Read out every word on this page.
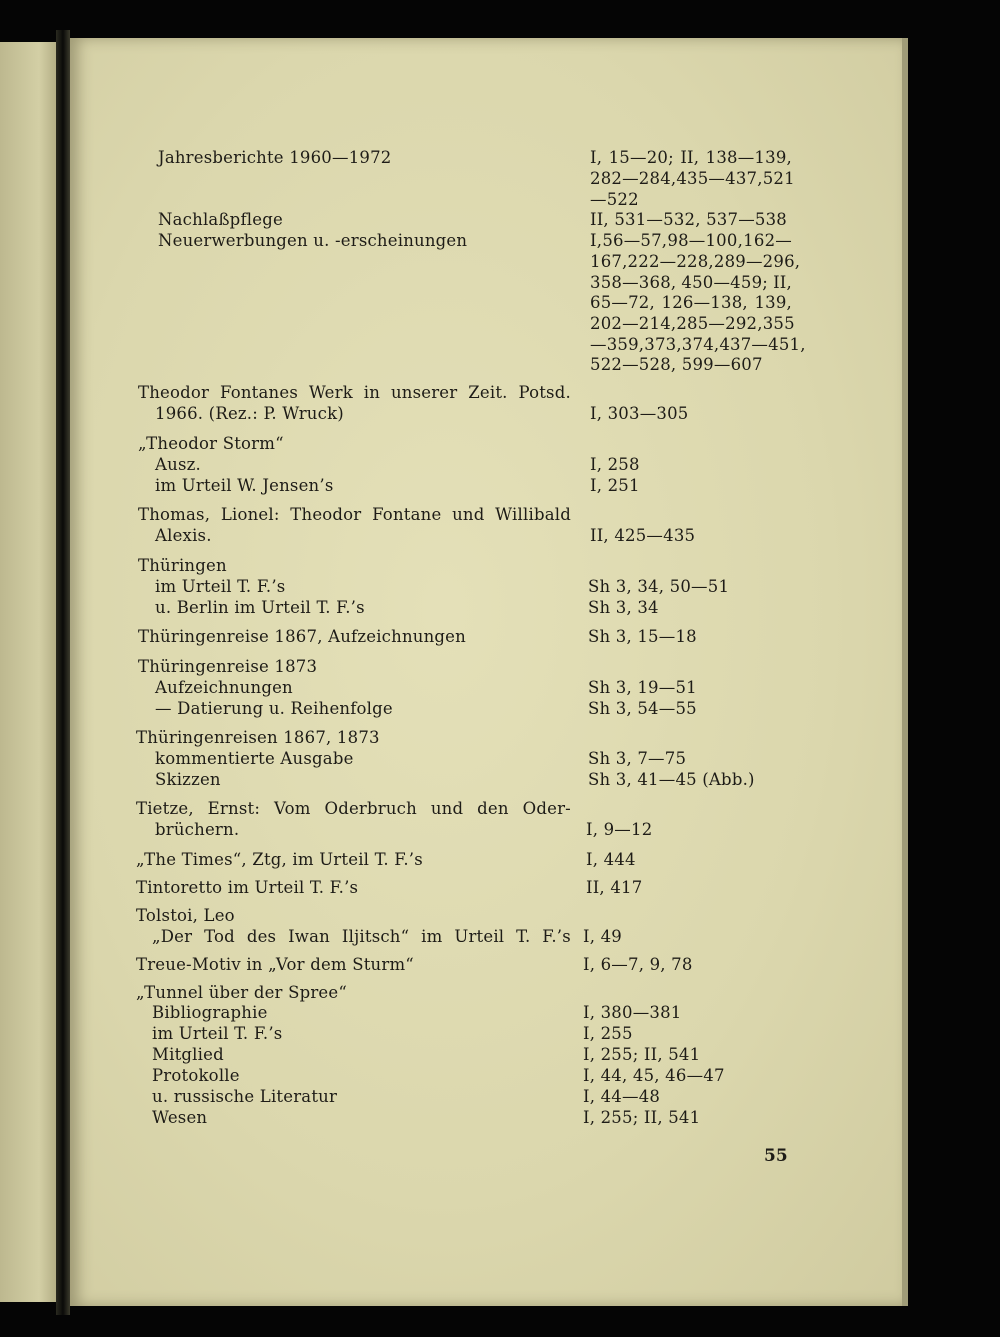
Jahresberichte 1960—1972
Nachlaßpflege
Neuerwerbungen u. -erscheinungen
Theodor Fontanes Werk in unserer Zeit. Potsd.
1966. (Rez.: P. Wruck)
„Theodor Storm“
Ausz.
im Urteil W. Jensen’s
Thomas, Lionel: Theodor Fontane und Willibald
Alexis.
Thüringen
im Urteil T. F.’s
u. Berlin im Urteil T. F.’s
Thüringenreise 1867, Aufzeichnungen
Thüringenreise 1873
Aufzeichnungen
— Datierung u. Reihenfolge
Thüringenreisen 1867, 1873
kommentierte Ausgabe
Skizzen
Tietze, Ernst: Vom Oderbruch und den Oder-
brüchern.
„The Times“, Ztg, im Urteil T. F.’s
Tintoretto im Urteil T. F.’s
Tolstoi, Leo
„Der Tod des Iwan Iljitsch“ im Urteil T. F.’s
Treue-Motiv in „Vor dem Sturm“
„Tunnel über der Spree“
Bibliographie
im Urteil T. F.’s
Mitglied
Protokolle
u. russische Literatur
Wesen
I, 15—20; II, 138—139,
282—284, 435—437, 521
—522
II, 531—532, 537—538
I, 56—57, 98—100, 162—
167, 222—228, 289—296,
358—368, 450—459; II,
65—72, 126—138, 139,
202—214, 285—292, 355
—359, 373, 374, 437—451,
522—528, 599—607
I, 303—305
I, 258
I, 251
II, 425—435
Sh 3, 34, 50—51
Sh 3, 34
Sh 3, 15—18
Sh 3, 19—51
Sh 3, 54—55
Sh 3, 7—75
Sh 3, 41—45 (Abb.)
I, 9—12
I, 444
II, 417
I, 49
I, 6—7, 9, 78
I, 380—381
I, 255
I, 255; II, 541
I, 44, 45, 46—47
I, 44—48
I, 255; II, 541
55
